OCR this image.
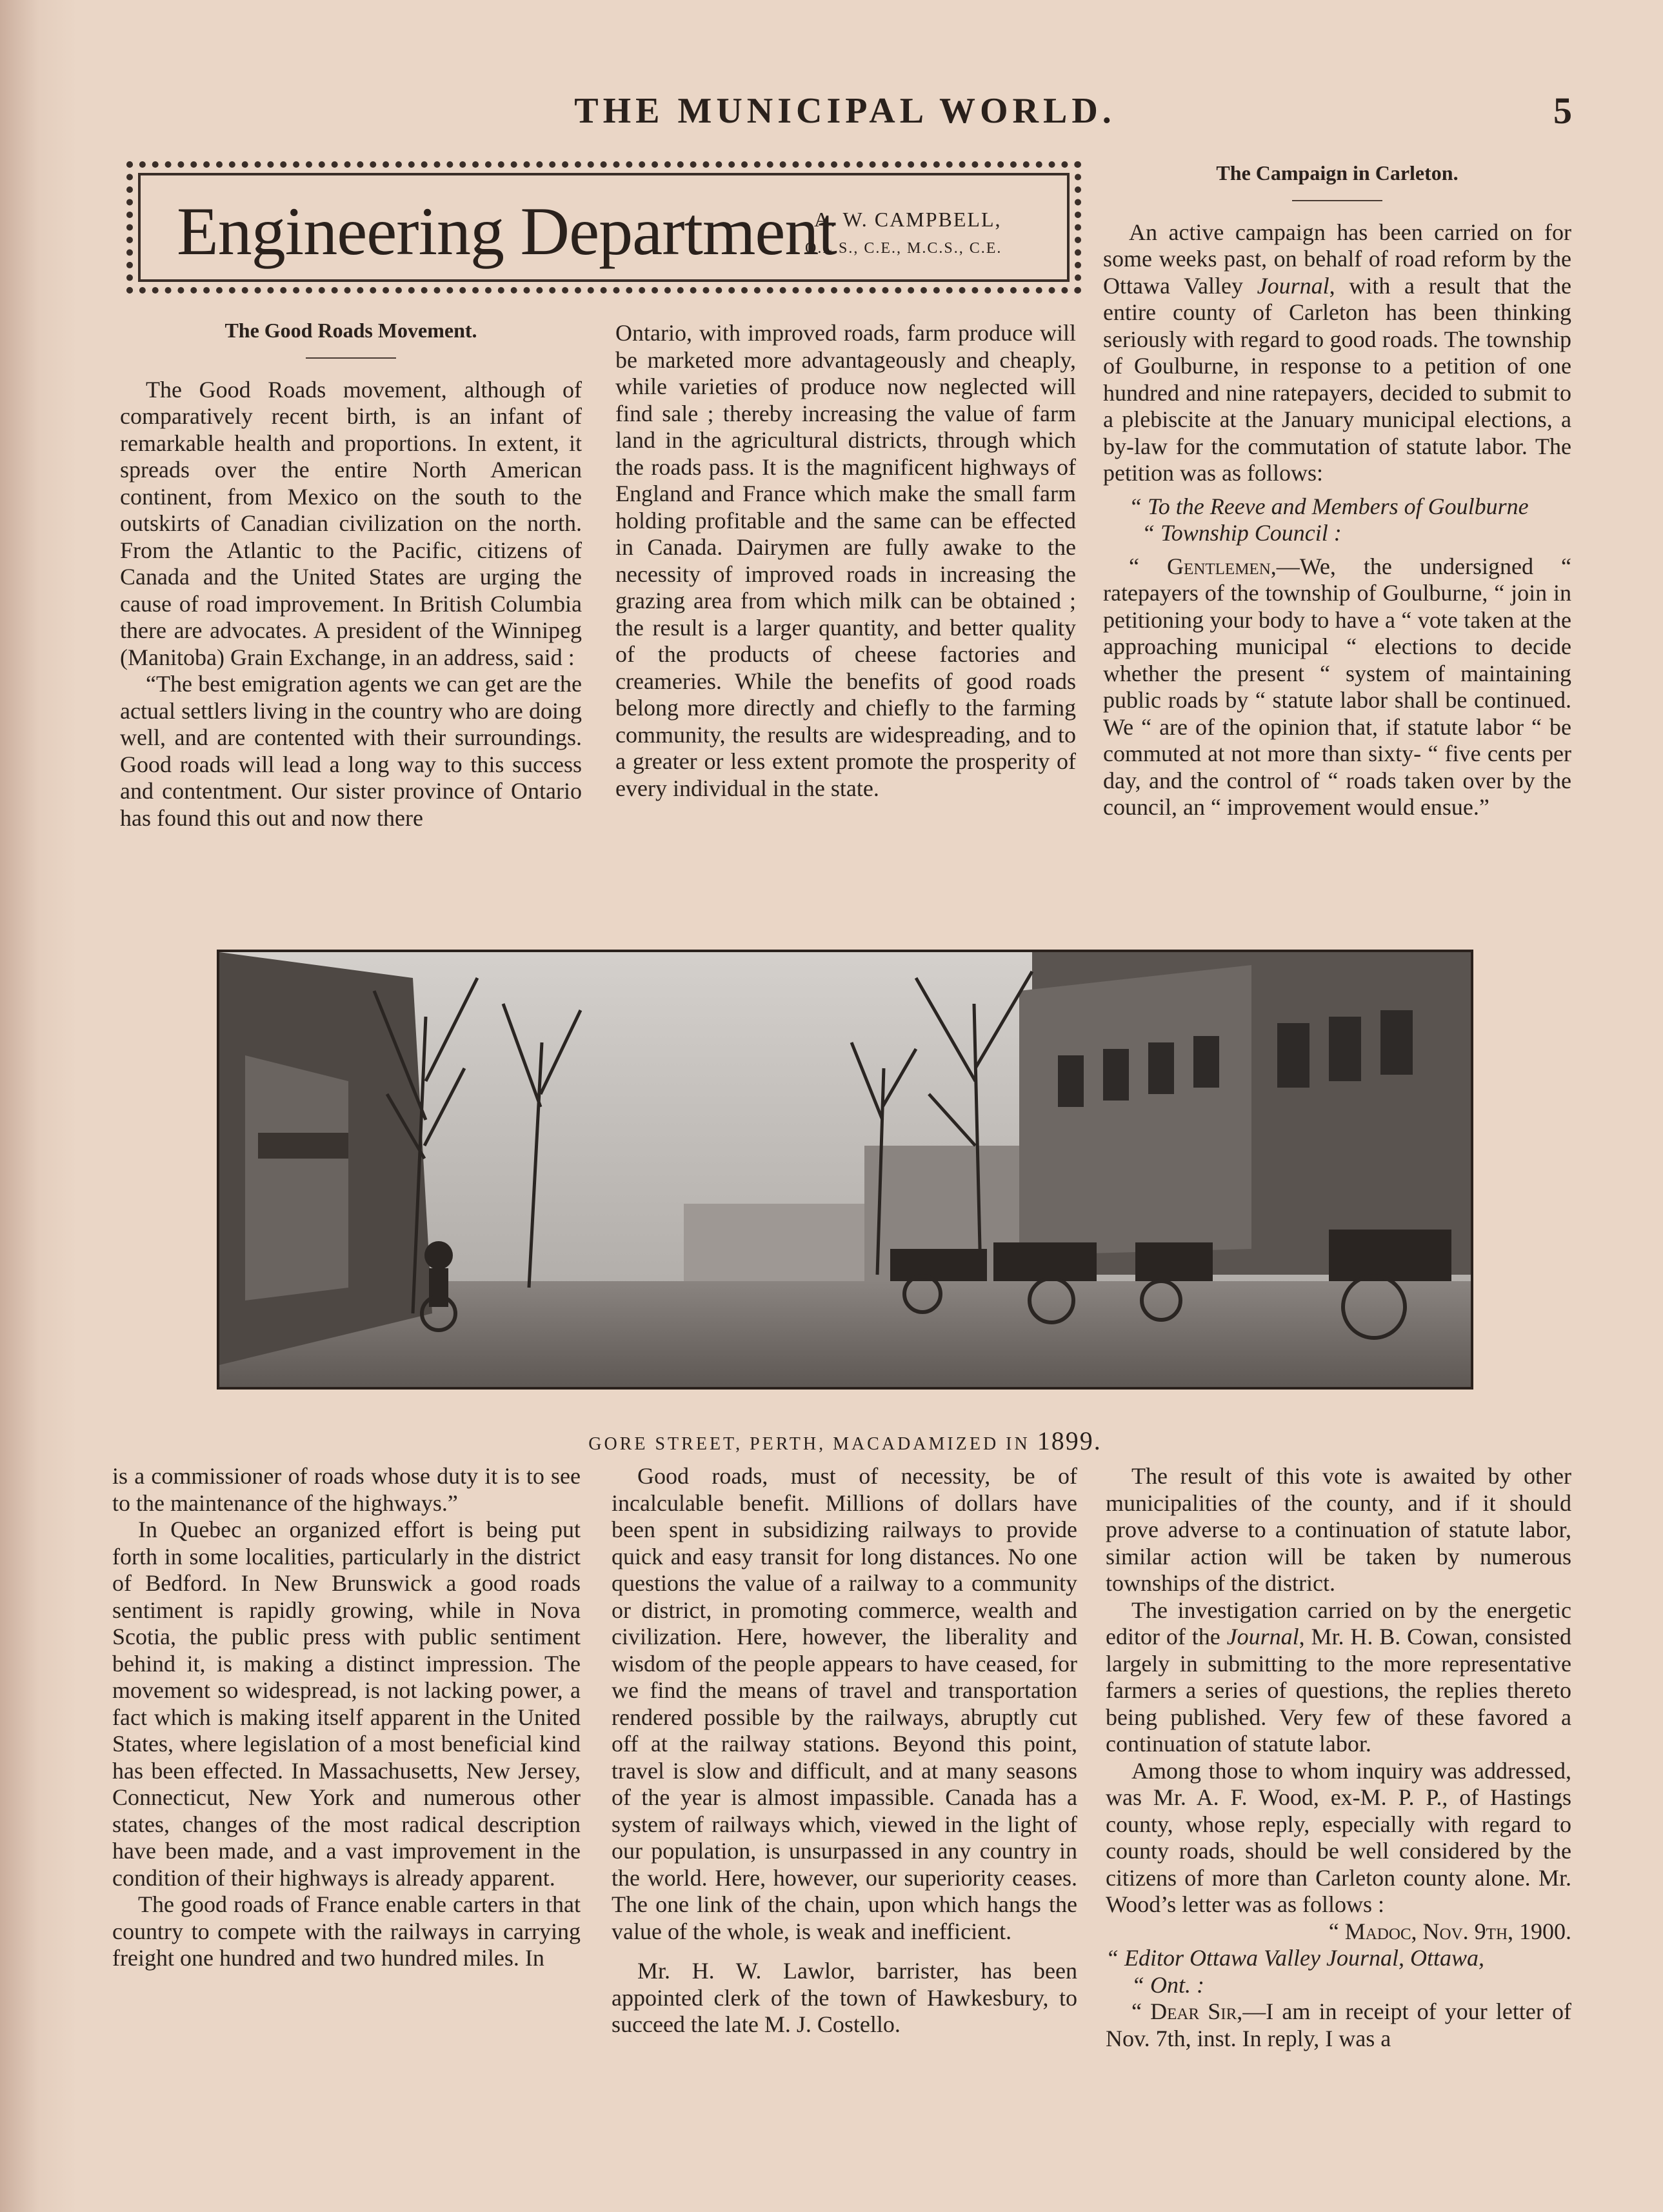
THE MUNICIPAL WORLD.	5
Engineering Department
A. W. CAMPBELL,
O.L.S., C.E., M.C.S., C.E.

The Good Roads Movement.

The Good Roads movement, although of comparatively recent birth, is an infant of remarkable health and proportions. In extent, it spreads over the entire North American continent, from Mexico on the south to the outskirts of Canadian civilization on the north. From the Atlantic to the Pacific, citizens of Canada and the United States are urging the cause of road improvement. In British Columbia there are advocates. A president of the Winnipeg (Manitoba) Grain Exchange, in an address, said :

“The best emigration agents we can get are the actual settlers living in the country who are doing well, and are contented with their surroundings. Good roads will lead a long way to this success and contentment. Our sister province of Ontario has found this out and now there

Ontario, with improved roads, farm produce will be marketed more advantageously and cheaply, while varieties of produce now neglected will find sale ; thereby increasing the value of farm land in the agricultural districts, through which the roads pass. It is the magnificent highways of England and France which make the small farm holding profitable and the same can be effected in Canada. Dairymen are fully awake to the necessity of improved roads in increasing the grazing area from which milk can be obtained ; the result is a larger quantity, and better quality of the products of cheese factories and creameries. While the benefits of good roads belong more directly and chiefly to the farming community, the results are widespreading, and to a greater or less extent promote the prosperity of every individual in the state.

The Campaign in Carleton.

An active campaign has been carried on for some weeks past, on behalf of road reform by the Ottawa Valley Journal, with a result that the entire county of Carleton has been thinking seriously with regard to good roads. The township of Goulburne, in response to a petition of one hundred and nine ratepayers, decided to submit to a plebiscite at the January municipal elections, a by-law for the commutation of statute labor. The petition was as follows:

“ To the Reeve and Members of Goulburne

“ Township Council :

“ Gentlemen,—We, the undersigned “ ratepayers of the township of Goulburne, “ join in petitioning your body to have a “ vote taken at the approaching municipal “ elections to decide whether the present “ system of maintaining public roads by “ statute labor shall be continued. We “ are of the opinion that, if statute labor “ be commuted at not more than sixty- “ five cents per day, and the control of “ roads taken over by the council, an “ improvement would ensue.”

GORE STREET, PERTH, MACADAMIZED IN 1899.

is a commissioner of roads whose duty it is to see to the maintenance of the highways.”

In Quebec an organized effort is being put forth in some localities, particularly in the district of Bedford. In New Brunswick a good roads sentiment is rapidly growing, while in Nova Scotia, the public press with public sentiment behind it, is making a distinct impression. The movement so widespread, is not lacking power, a fact which is making itself apparent in the United States, where legislation of a most beneficial kind has been effected. In Massachusetts, New Jersey, Connecticut, New York and numerous other states, changes of the most radical description have been made, and a vast improvement in the condition of their highways is already apparent.

The good roads of France enable carters in that country to compete with the railways in carrying freight one hundred and two hundred miles. In

Good roads, must of necessity, be of incalculable benefit. Millions of dollars have been spent in subsidizing railways to provide quick and easy transit for long distances. No one questions the value of a railway to a community or district, in promoting commerce, wealth and civilization. Here, however, the liberality and wisdom of the people appears to have ceased, for we find the means of travel and transportation rendered possible by the railways, abruptly cut off at the railway stations. Beyond this point, travel is slow and difficult, and at many seasons of the year is almost impassible. Canada has a system of railways which, viewed in the light of our population, is unsurpassed in any country in the world. Here, however, our superiority ceases. The one link of the chain, upon which hangs the value of the whole, is weak and inefficient.

Mr. H. W. Lawlor, barrister, has been appointed clerk of the town of Hawkesbury, to succeed the late M. J. Costello.

The result of this vote is awaited by other municipalities of the county, and if it should prove adverse to a continuation of statute labor, similar action will be taken by numerous townships of the district.

The investigation carried on by the energetic editor of the Journal, Mr. H. B. Cowan, consisted largely in submitting to the more representative farmers a series of questions, the replies thereto being published. Very few of these favored a continuation of statute labor.

Among those to whom inquiry was addressed, was Mr. A. F. Wood, ex-M. P. P., of Hastings county, whose reply, especially with regard to county roads, should be well considered by the citizens of more than Carleton county alone. Mr. Wood’s letter was as follows :

“ Madoc, Nov. 9th, 1900.

“ Editor Ottawa Valley Journal, Ottawa,

“ Ont. :

“ Dear Sir,—I am in receipt of your letter of Nov. 7th, inst. In reply, I was a
